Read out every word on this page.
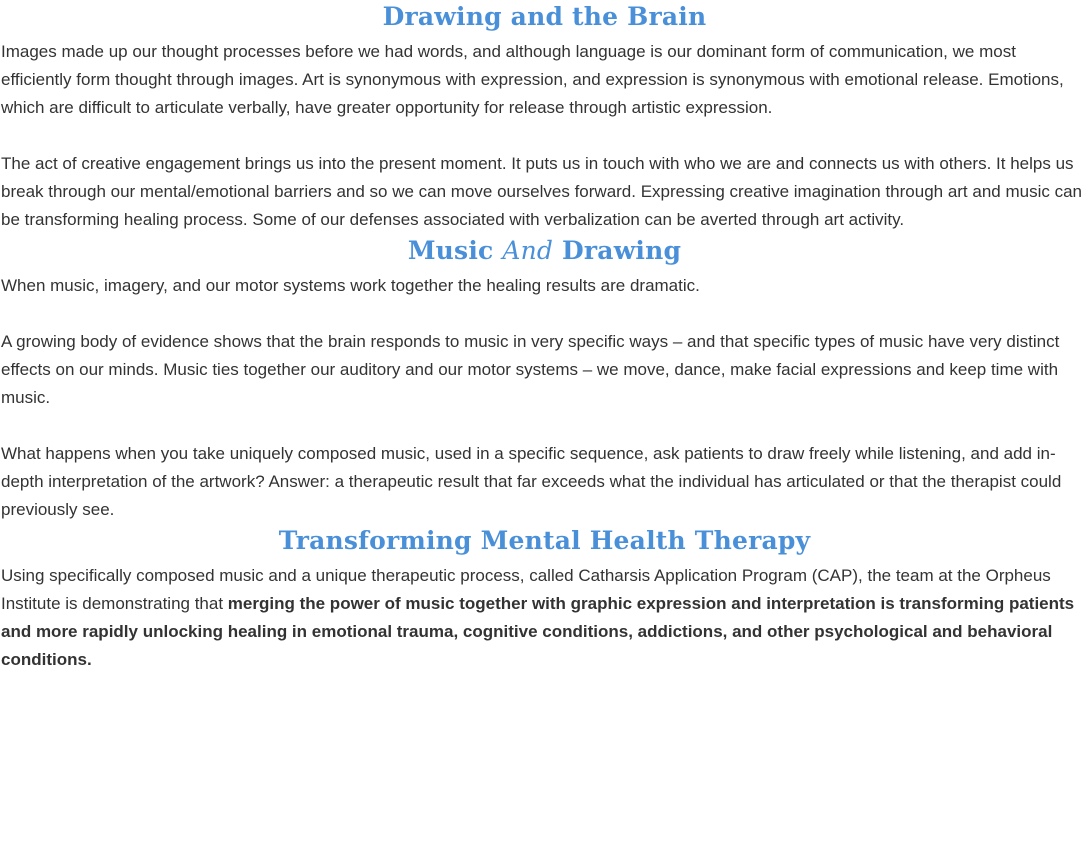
Drawing and the Brain

Images made up our thought processes before we had words, and although language is our dominant form of communication, we most efficiently form thought through images. Art is synonymous with expression, and expression is synonymous with emotional release. Emotions, which are difficult to articulate verbally, have greater opportunity for release through artistic expression.

The act of creative engagement brings us into the present moment. It puts us in touch with who we are and connects us with others. It helps us break through our mental/emotional barriers and so we can move ourselves forward. Expressing creative imagination through art and music can be transforming healing process. Some of our defenses associated with verbalization can be averted through art activity.

Music And Drawing

When music, imagery, and our motor systems work together the healing results are dramatic.

A growing body of evidence shows that the brain responds to music in very specific ways – and that specific types of music have very distinct effects on our minds. Music ties together our auditory and our motor systems – we move, dance, make facial expressions and keep time with music.

What happens when you take uniquely composed music, used in a specific sequence, ask patients to draw freely while listening, and add in-depth interpretation of the artwork? Answer: a therapeutic result that far exceeds what the individual has articulated or that the therapist could previously see.

Transforming Mental Health Therapy

Using specifically composed music and a unique therapeutic process, called Catharsis Application Program (CAP), the team at the Orpheus Institute is demonstrating that merging the power of music together with graphic expression and interpretation is transforming patients and more rapidly unlocking healing in emotional trauma, cognitive conditions, addictions, and other psychological and behavioral conditions.
